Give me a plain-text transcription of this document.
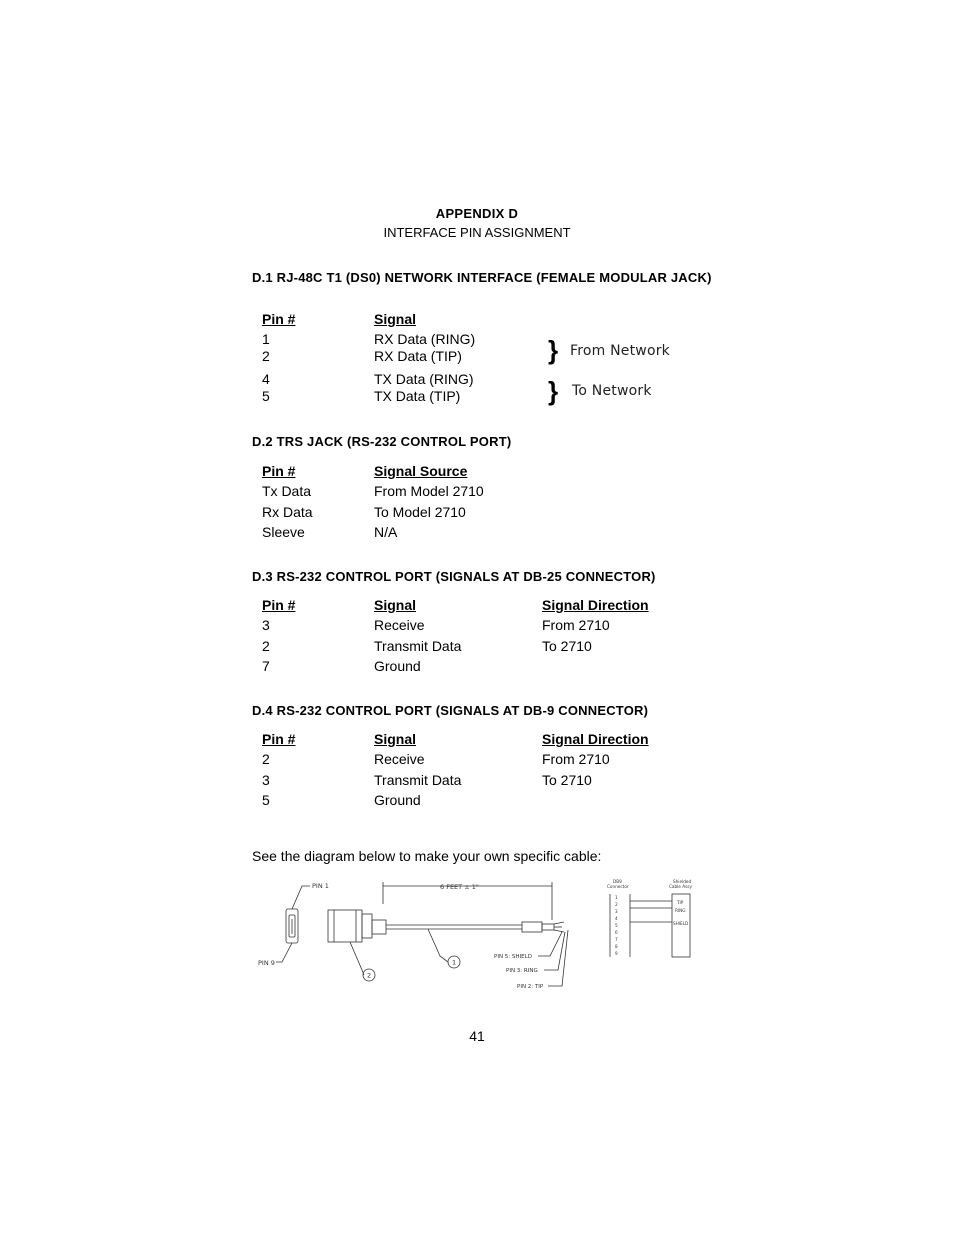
APPENDIX D
INTERFACE PIN ASSIGNMENT
D.1 RJ-48C T1 (DS0) NETWORK INTERFACE (FEMALE MODULAR JACK)
Pin #	Signal
1	RX Data (RING)
2	RX Data (TIP)
4	TX Data (RING)
5	TX Data (TIP)
} From Network
} To Network
D.2 TRS JACK (RS-232 CONTROL PORT)
Pin #	Signal Source
Tx Data	From Model 2710
Rx Data	To Model 2710
Sleeve	N/A
D.3 RS-232 CONTROL PORT (SIGNALS AT DB-25 CONNECTOR)
Pin #	Signal	Signal Direction
3	Receive	From 2710
2	Transmit Data	To 2710
7	Ground
D.4 RS-232 CONTROL PORT (SIGNALS AT DB-9 CONNECTOR)
Pin #	Signal	Signal Direction
2	Receive	From 2710
3	Transmit Data	To 2710
5	Ground
See the diagram below to make your own specific cable:
PIN 1
PIN 9
6 FEET ± 1"
1
2
PIN 5: SHIELD
PIN 3: RING
PIN 2: TIP
DB9
Connector
Shielded
Cable Assy
1
2
3
4
5
6
7
8
9
TIP
RING
SHIELD
41
